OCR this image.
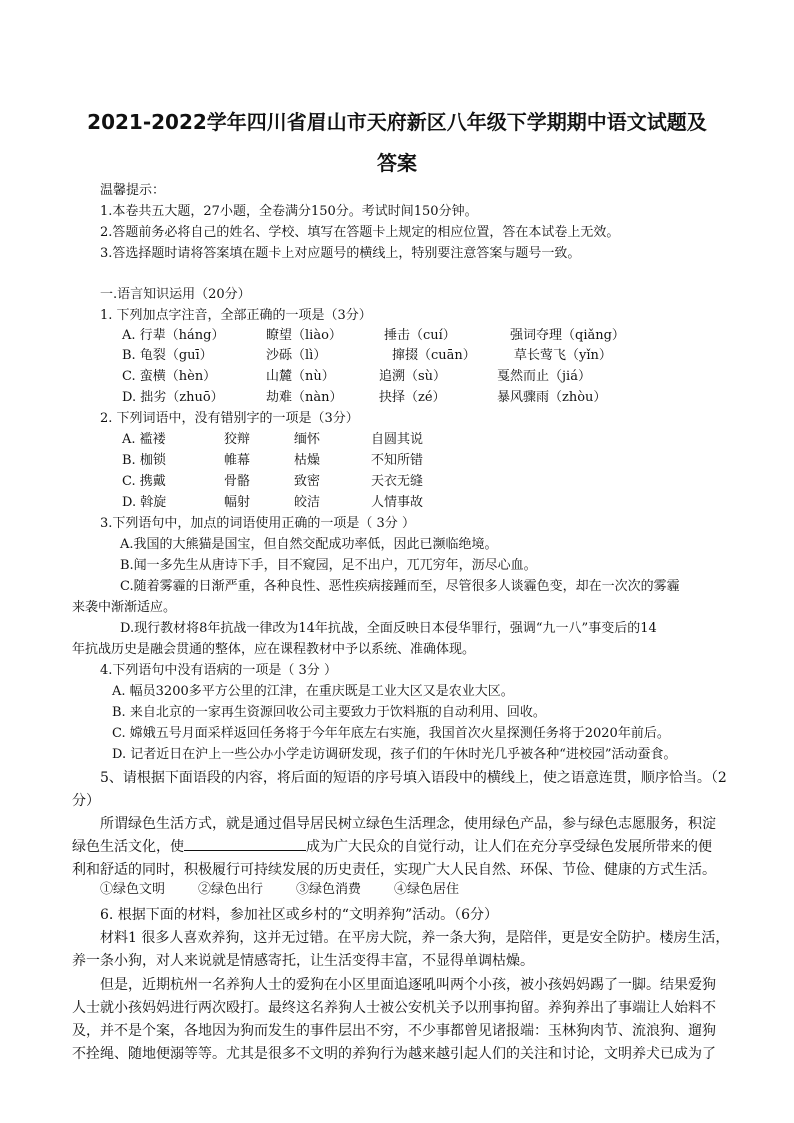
2021-2022学年四川省眉山市天府新区八年级下学期期中语文试题及
答案
温馨提示：
1.本卷共五大题，27小题，全卷满分150分。考试时间150分钟。
2.答题前务必将自己的姓名、学校、填写在答题卡上规定的相应位置，答在本试卷上无效。
3.答选择题时请将答案填在题卡上对应题号的横线上，特别要注意答案与题号一致。
一.语言知识运用（20分）
1. 下列加点字注音，全部正确的一项是（3分）
A. 行辈（háng）	瞭望（liào）	捶击（cuí）	强词夺理（qiǎng）
B. 龟裂（guī）	沙砾（lì）	撺掇（cuān）	草长莺飞（yǐn）
C. 蛮横（hèn）	山麓（nù）	追溯（sù）	戛然而止（jiá）
D. 拙劣（zhuō）	劫难（nàn）	抉择（zé）	暴风骤雨（zhòu）
2. 下列词语中，没有错别字的一项是（3分）
A. 褴褛	狡辩	缅怀	自圆其说
B. 枷锁	帷幕	枯燥	不知所错
C. 携戴	骨骼	致密	天衣无缝
D. 斡旋	幅射	皎洁	人情事故
3.下列语句中，加点的词语使用正确的一项是（ 3分 ）
A.我国的大熊猫是国宝，但自然交配成功率低，因此已濒临绝境。
B.闻一多先生从唐诗下手，目不窥园，足不出户，兀兀穷年，沥尽心血。
C.随着雾霾的日渐严重，各种良性、恶性疾病接踵而至，尽管很多人谈霾色变，却在一次次的雾霾
来袭中渐渐适应。
D.现行教材将8年抗战一律改为14年抗战，全面反映日本侵华罪行，强调“九一八”事变后的14
年抗战历史是融会贯通的整体，应在课程教材中予以系统、准确体现。
4.下列语句中没有语病的一项是（ 3分 ）
A. 幅员3200多平方公里的江津，在重庆既是工业大区又是农业大区。
B. 来自北京的一家再生资源回收公司主要致力于饮料瓶的自动利用、回收。
C. 嫦娥五号月面采样返回任务将于今年年底左右实施，我国首次火星探测任务将于2020年前后。
D. 记者近日在沪上一些公办小学走访调研发现，孩子们的午休时光几乎被各种“进校园”活动蚕食。
5、请根据下面语段的内容，将后面的短语的序号填入语段中的横线上，使之语意连贯，顺序恰当。（2
分）
所谓绿色生活方式，就是通过倡导居民树立绿色生活理念，使用绿色产品，参与绿色志愿服务，积淀
绿色生活文化，使	成为广大民众的自觉行动，让人们在充分享受绿色发展所带来的便
利和舒适的同时，积极履行可持续发展的历史责任，实现广大人民自然、环保、节俭、健康的方式生活。
①绿色文明	②绿色出行	③绿色消费	④绿色居住
6. 根据下面的材料，参加社区或乡村的“文明养狗”活动。（6分）
材料1 很多人喜欢养狗，这并无过错。在平房大院，养一条大狗，是陪伴，更是安全防护。楼房生活，
养一条小狗，对人来说就是情感寄托，让生活变得丰富，不显得单调枯燥。
但是，近期杭州一名养狗人士的爱狗在小区里面追逐吼叫两个小孩，被小孩妈妈踢了一脚。结果爱狗
人士就小孩妈妈进行两次殴打。最终这名养狗人士被公安机关予以刑事拘留。养狗养出了事端让人始料不
及，并不是个案，各地因为狗而发生的事件层出不穷，不少事都曾见诸报端：玉林狗肉节、流浪狗、遛狗
不拴绳、随地便溺等等。尤其是很多不文明的养狗行为越来越引起人们的关注和讨论，文明养犬已成为了
